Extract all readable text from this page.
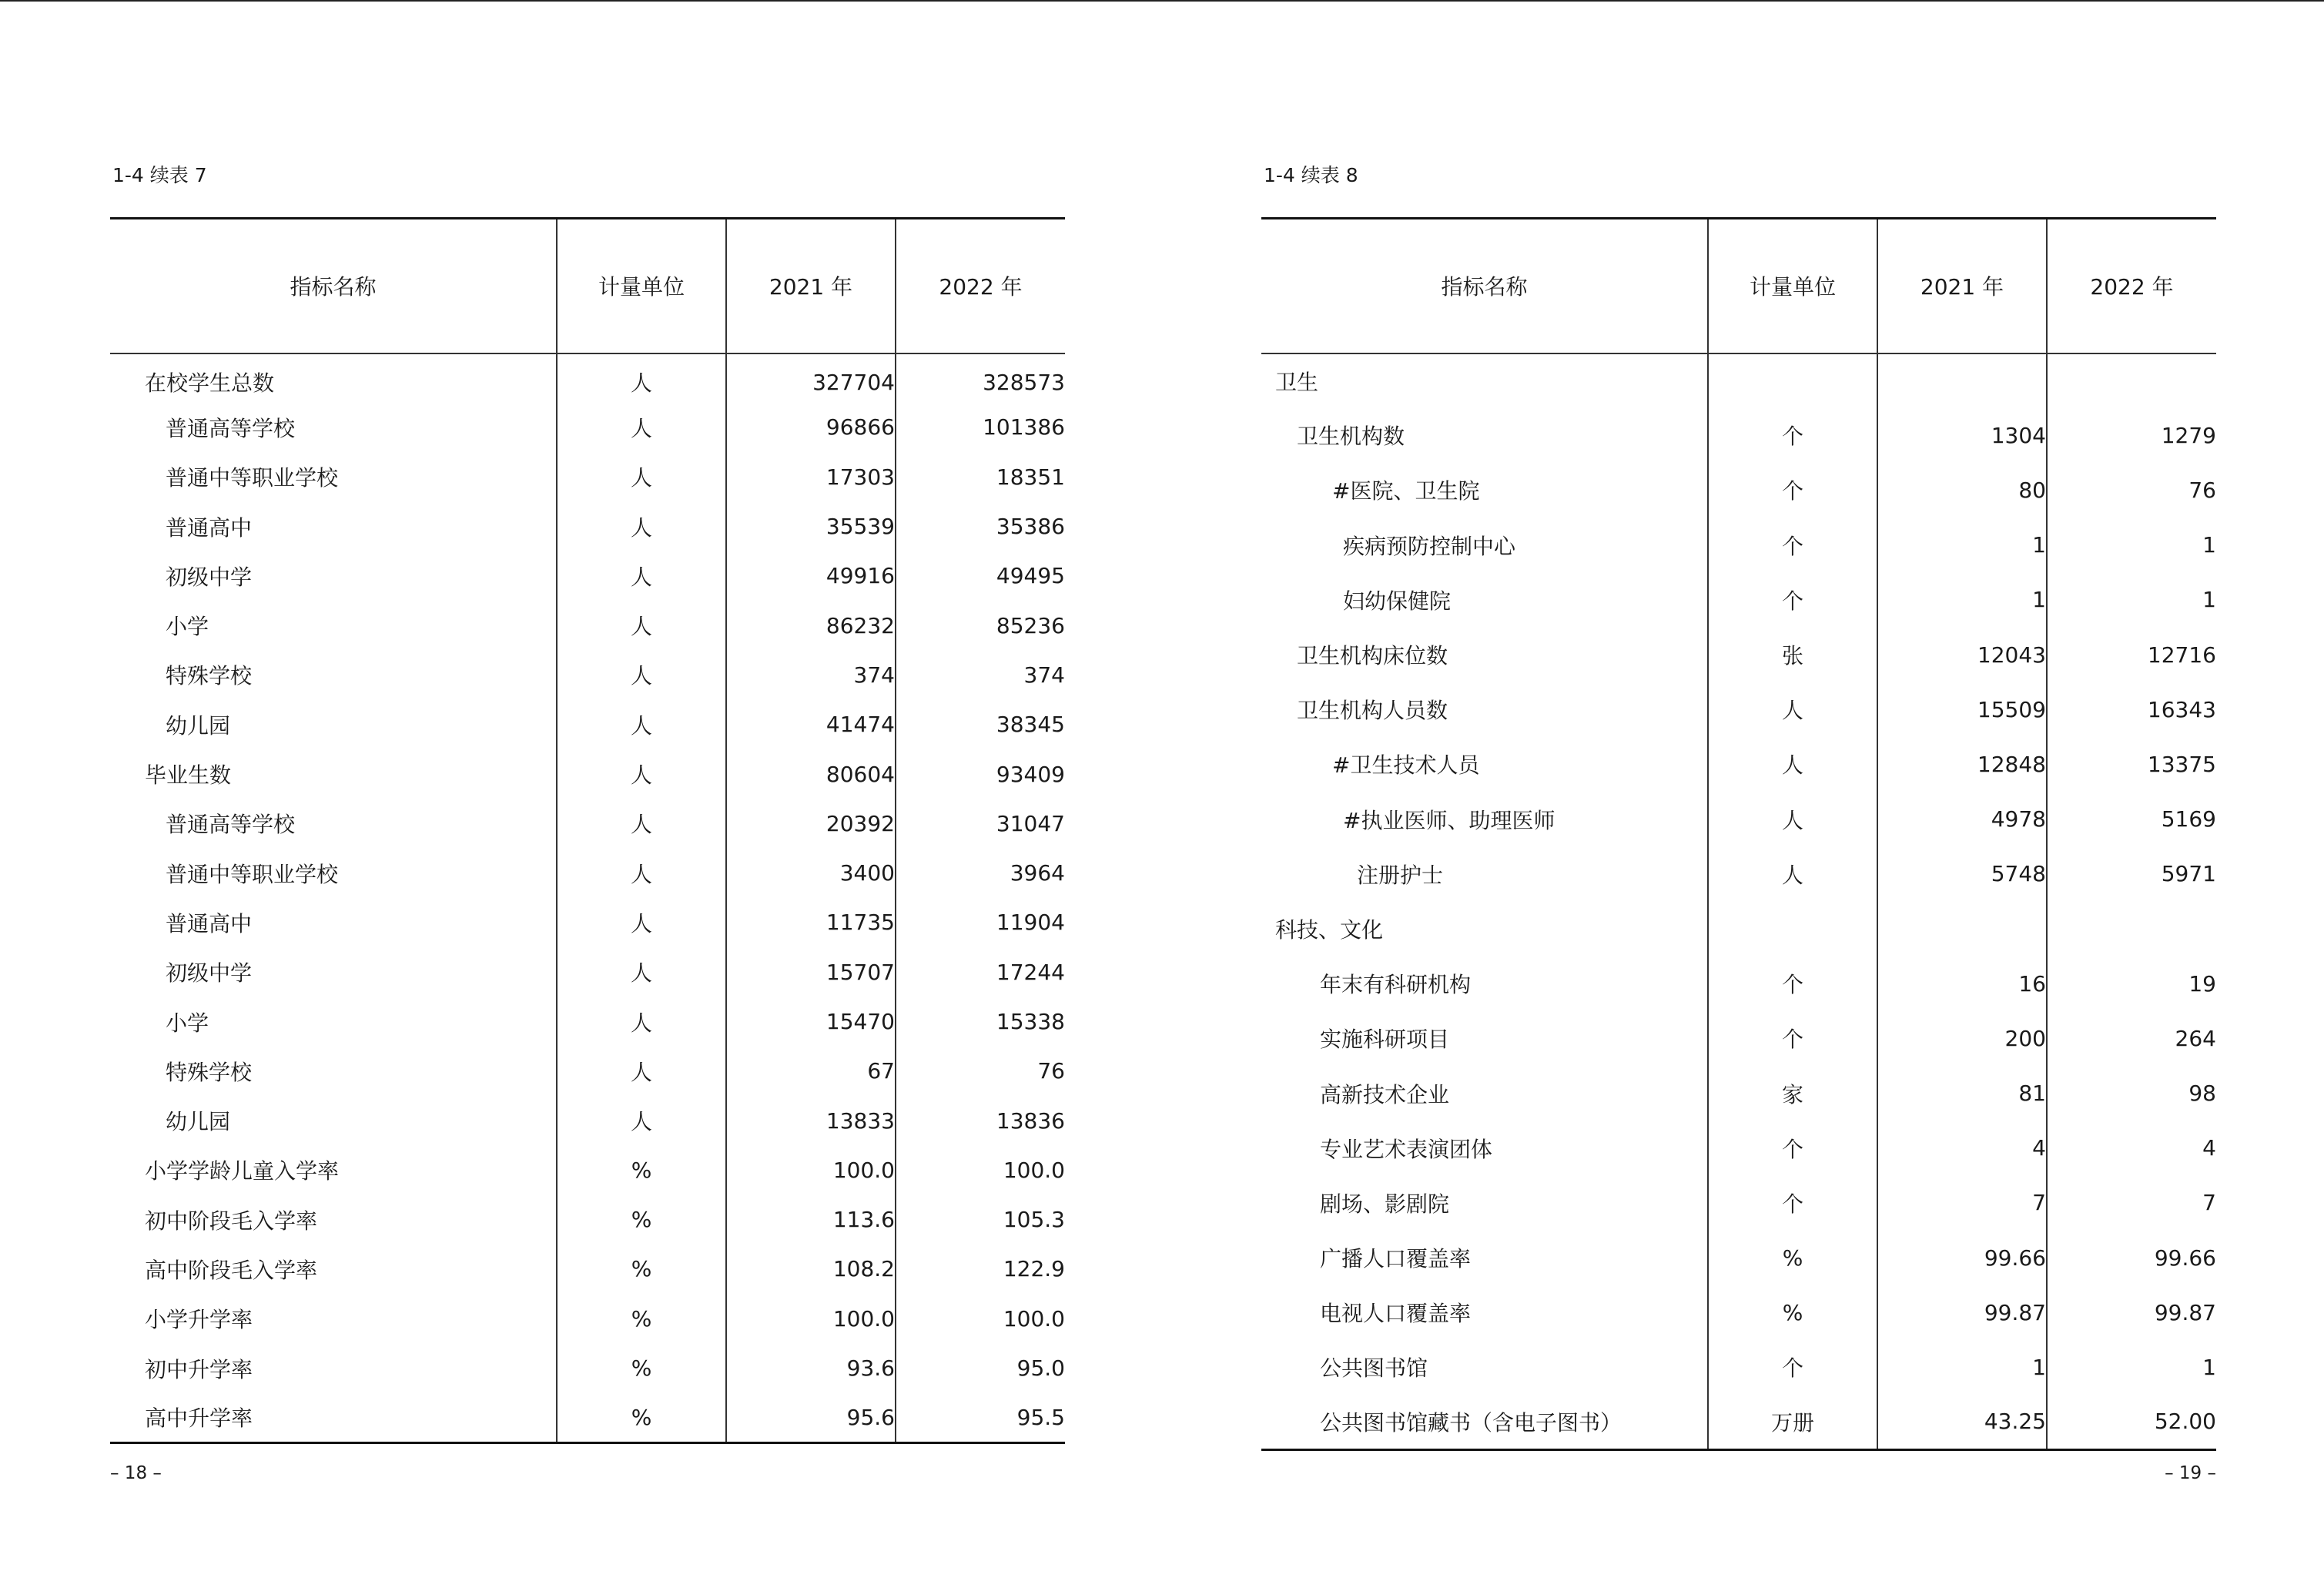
1-4 续表 7
指标名称	计量单位	2021 年	2022 年
在校学生总数	人	327704	328573
普通高等学校	人	96866	101386
普通中等职业学校	人	17303	18351
普通高中	人	35539	35386
初级中学	人	49916	49495
小学	人	86232	85236
特殊学校	人	374	374
幼儿园	人	41474	38345
毕业生数	人	80604	93409
普通高等学校	人	20392	31047
普通中等职业学校	人	3400	3964
普通高中	人	11735	11904
初级中学	人	15707	17244
小学	人	15470	15338
特殊学校	人	67	76
幼儿园	人	13833	13836
小学学龄儿童入学率	%	100.0	100.0
初中阶段毛入学率	%	113.6	105.3
高中阶段毛入学率	%	108.2	122.9
小学升学率	%	100.0	100.0
初中升学率	%	93.6	95.0
高中升学率	%	95.6	95.5
– 18 –
1-4 续表 8
指标名称	计量单位	2021 年	2022 年
卫生			
卫生机构数	个	1304	1279
#医院、卫生院	个	80	76
疾病预防控制中心	个	1	1
妇幼保健院	个	1	1
卫生机构床位数	张	12043	12716
卫生机构人员数	人	15509	16343
#卫生技术人员	人	12848	13375
#执业医师、助理医师	人	4978	5169
注册护士	人	5748	5971
科技、文化			
年末有科研机构	个	16	19
实施科研项目	个	200	264
高新技术企业	家	81	98
专业艺术表演团体	个	4	4
剧场、影剧院	个	7	7
广播人口覆盖率	%	99.66	99.66
电视人口覆盖率	%	99.87	99.87
公共图书馆	个	1	1
公共图书馆藏书（含电子图书）	万册	43.25	52.00
– 19 –
